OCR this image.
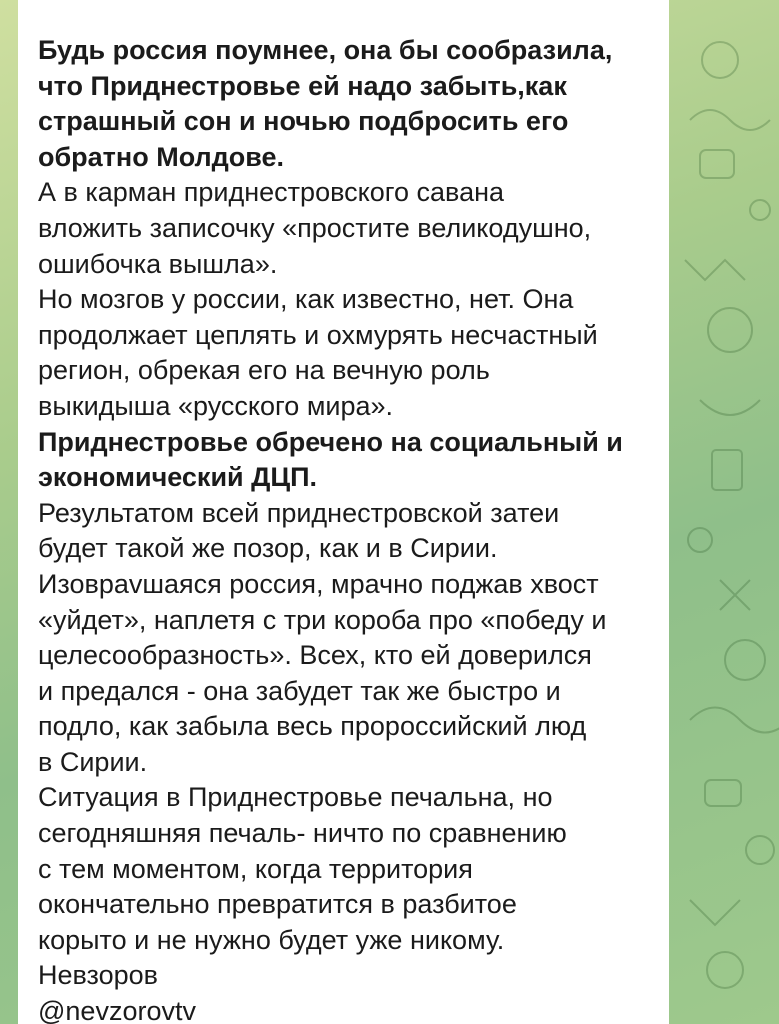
Будь россия поумнее, она бы сообразила,
что Приднестровье ей надо забыть,как
страшный сон и ночью подбросить его
обратно Молдове.

А в карман приднестровского савана
вложить записочку «простите великодушно,
ошибочка вышла».

Но мозгов у россии, как известно, нет. Она
продолжает цеплять и охмурять несчастный
регион, обрекая его на вечную роль
выкидыша «русского мира».

Приднестровье обречено на социальный и
экономический ДЦП.

Результатом всей приднестровской затеи
будет такой же позор, как и в Сирии.
Изоврavшаяся россия, мрачно поджав хвост
«уйдет», наплетя с три короба про «победу и
целесообразность». Всех, кто ей доверился
и предался - она забудет так же быстро и
подло, как забыла весь пророссийский люд
в Сирии.

Ситуация в Приднестровье печальна, но
сегодняшняя печаль- ничто по сравнению
с тем моментом, когда территория
окончательно превратится в разбитое
корыто и не нужно будет уже никому.

Невзоров

@nevzorovtv
